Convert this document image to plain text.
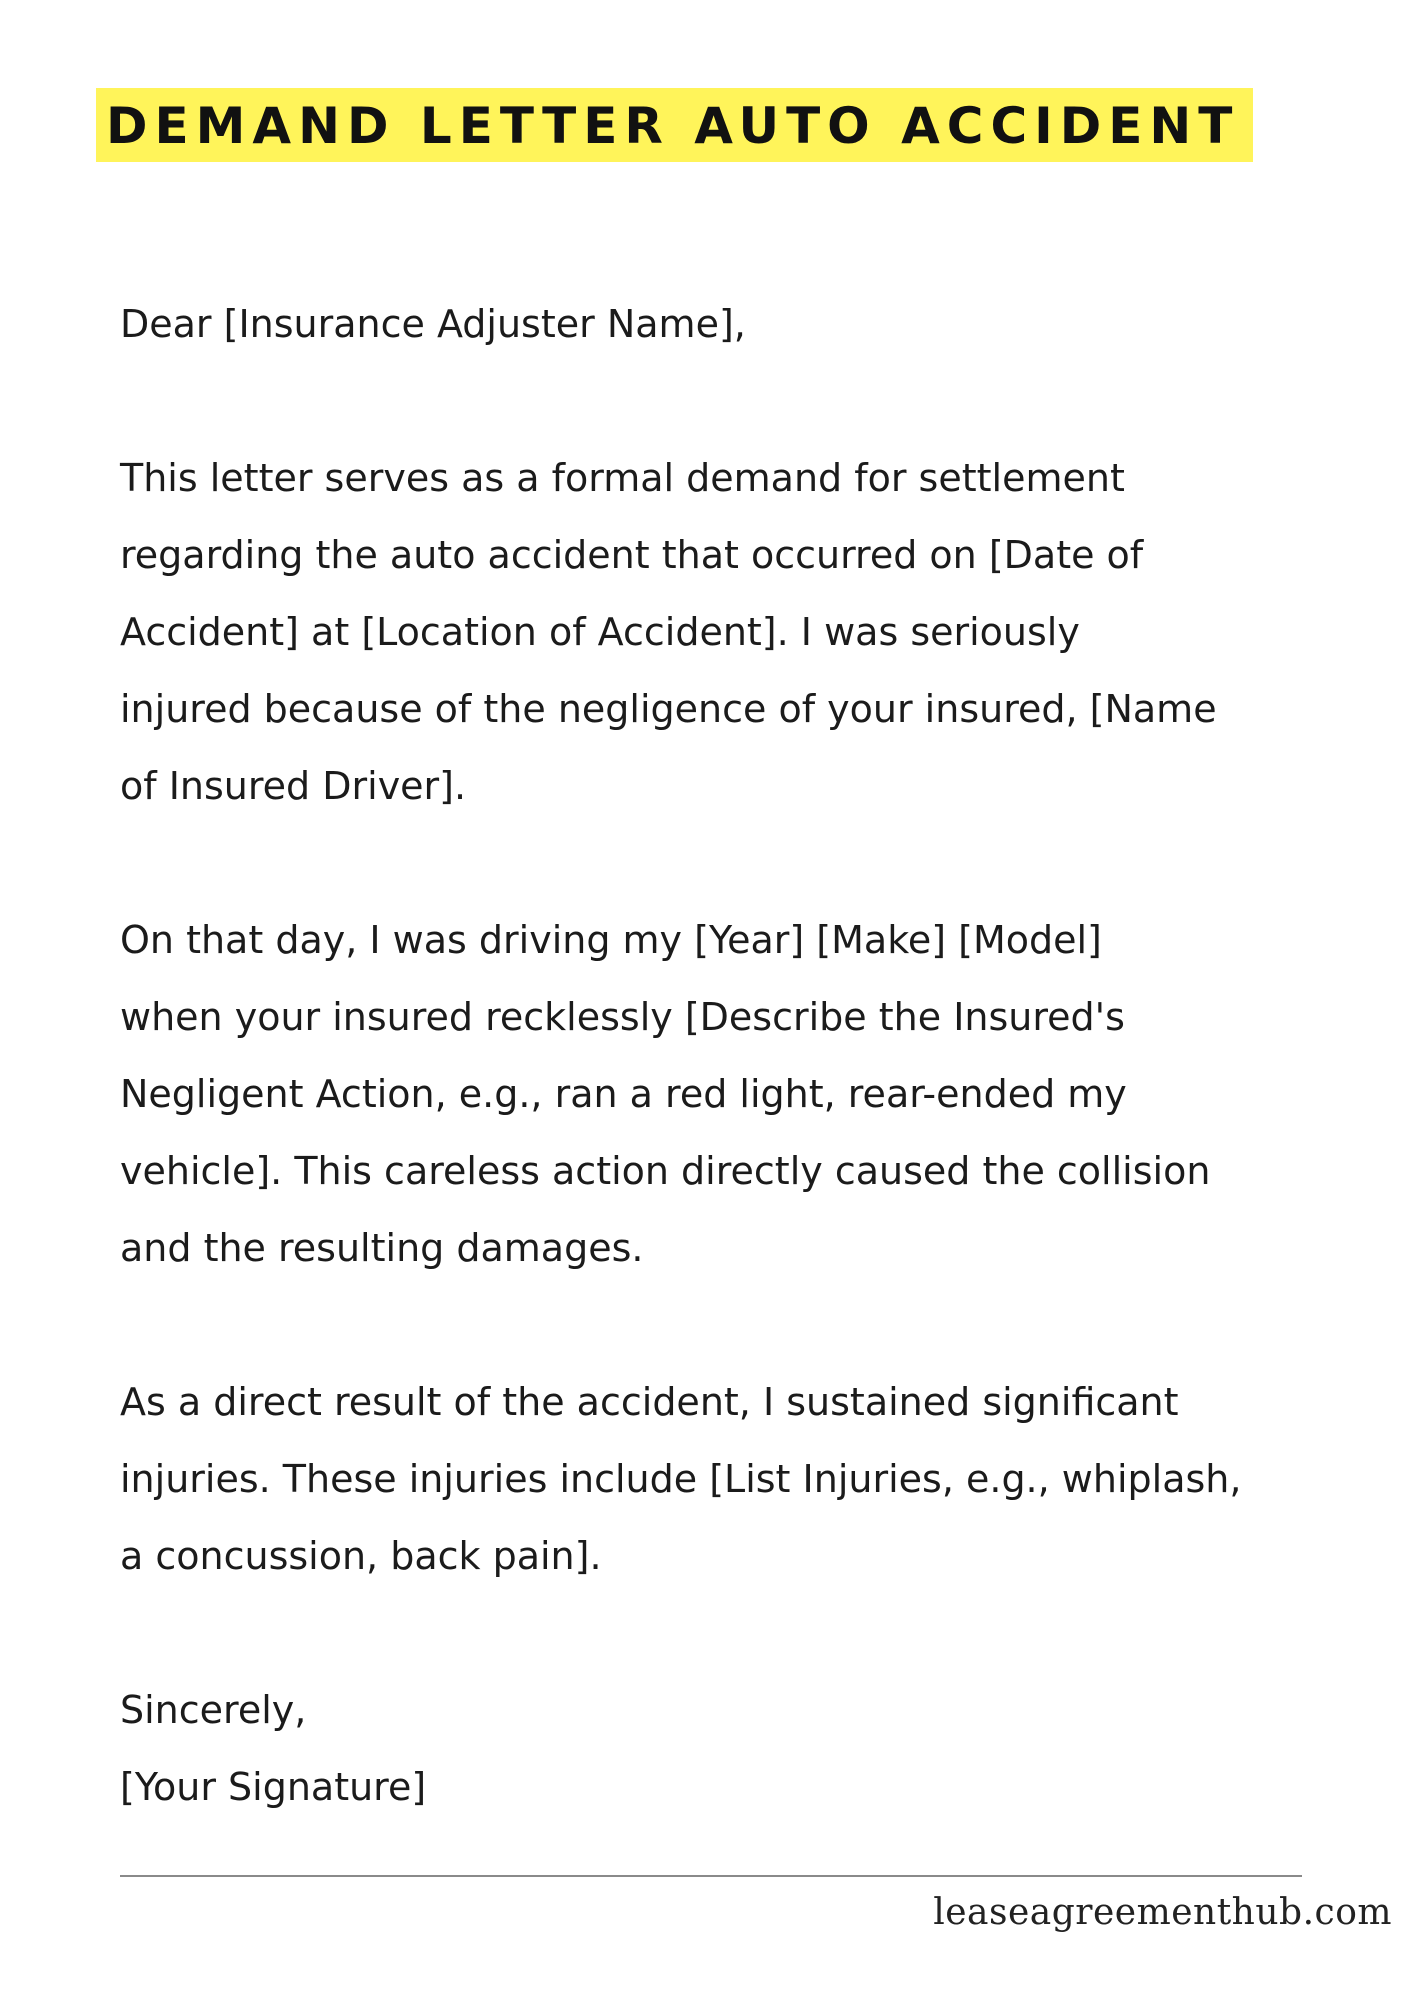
DEMAND LETTER AUTO ACCIDENT

Dear [Insurance Adjuster Name],

This letter serves as a formal demand for settlement
regarding the auto accident that occurred on [Date of
Accident] at [Location of Accident]. I was seriously
injured because of the negligence of your insured, [Name
of Insured Driver].

On that day, I was driving my [Year] [Make] [Model]
when your insured recklessly [Describe the Insured's
Negligent Action, e.g., ran a red light, rear-ended my
vehicle]. This careless action directly caused the collision
and the resulting damages.

As a direct result of the accident, I sustained significant
injuries. These injuries include [List Injuries, e.g., whiplash,
a concussion, back pain].

Sincerely,

[Your Signature]

leaseagreementhub.com
